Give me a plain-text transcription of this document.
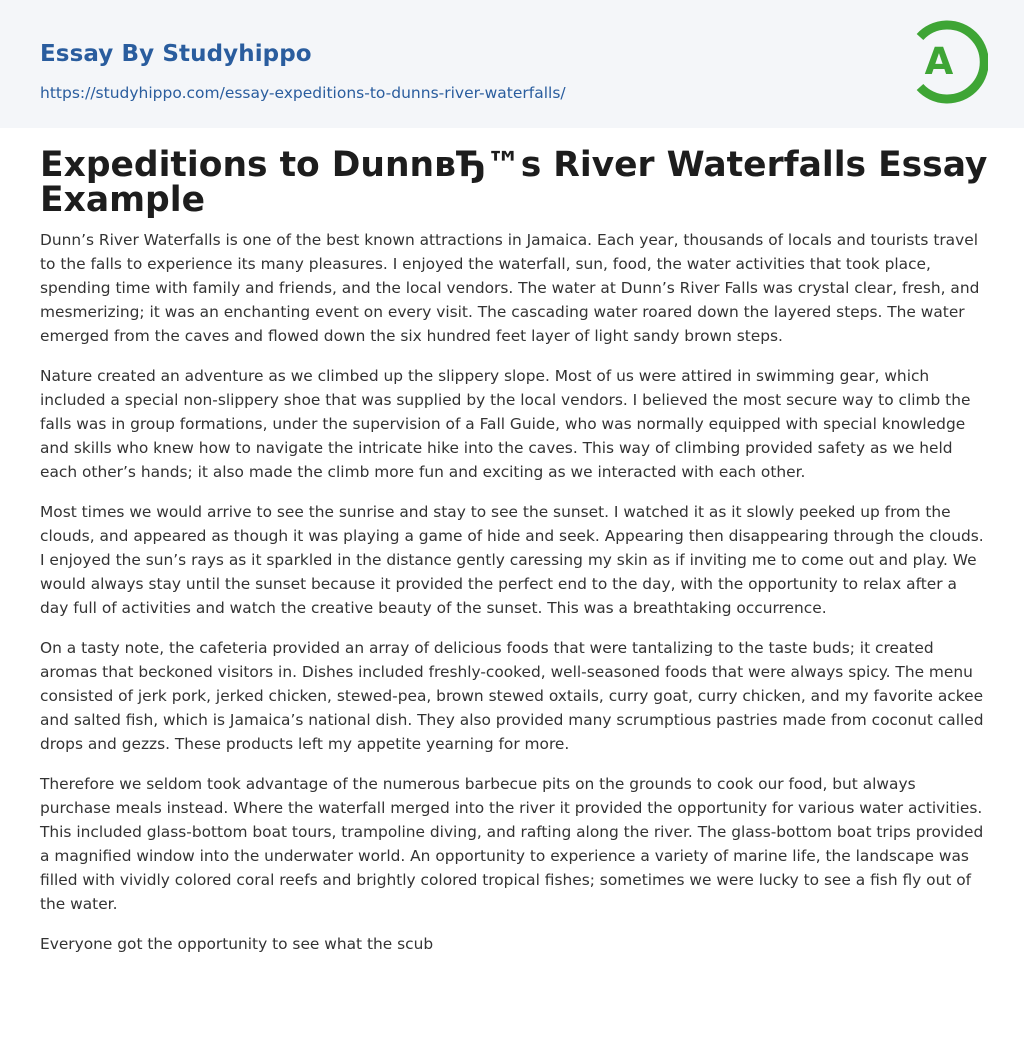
Essay By Studyhippo
https://studyhippo.com/essay-expeditions-to-dunns-river-waterfalls/
A
Expeditions to DunnвЂ™s River Waterfalls Essay Example

Dunn’s River Waterfalls is one of the best known attractions in Jamaica. Each year, thousands of locals and tourists travel to the falls to experience its many pleasures. I enjoyed the waterfall, sun, food, the water activities that took place, spending time with family and friends, and the local vendors. The water at Dunn’s River Falls was crystal clear, fresh, and mesmerizing; it was an enchanting event on every visit. The cascading water roared down the layered steps. The water emerged from the caves and flowed down the six hundred feet layer of light sandy brown steps.

Nature created an adventure as we climbed up the slippery slope. Most of us were attired in swimming gear, which included a special non-slippery shoe that was supplied by the local vendors. I believed the most secure way to climb the falls was in group formations, under the supervision of a Fall Guide, who was normally equipped with special knowledge and skills who knew how to navigate the intricate hike into the caves. This way of climbing provided safety as we held each other’s hands; it also made the climb more fun and exciting as we interacted with each other.

Most times we would arrive to see the sunrise and stay to see the sunset. I watched it as it slowly peeked up from the clouds, and appeared as though it was playing a game of hide and seek. Appearing then disappearing through the clouds. I enjoyed the sun’s rays as it sparkled in the distance gently caressing my skin as if inviting me to come out and play. We would always stay until the sunset because it provided the perfect end to the day, with the opportunity to relax after a day full of activities and watch the creative beauty of the sunset. This was a breathtaking occurrence.

On a tasty note, the cafeteria provided an array of delicious foods that were tantalizing to the taste buds; it created aromas that beckoned visitors in. Dishes included freshly-cooked, well-seasoned foods that were always spicy. The menu consisted of jerk pork, jerked chicken, stewed-pea, brown stewed oxtails, curry goat, curry chicken, and my favorite ackee and salted fish, which is Jamaica’s national dish. They also provided many scrumptious pastries made from coconut called drops and gezzs. These products left my appetite yearning for more.

Therefore we seldom took advantage of the numerous barbecue pits on the grounds to cook our food, but always purchase meals instead. Where the waterfall merged into the river it provided the opportunity for various water activities. This included glass-bottom boat tours, trampoline diving, and rafting along the river. The glass-bottom boat trips provided a magnified window into the underwater world. An opportunity to experience a variety of marine life, the landscape was filled with vividly colored coral reefs and brightly colored tropical fishes; sometimes we were lucky to see a fish fly out of the water.

Everyone got the opportunity to see what the scub
